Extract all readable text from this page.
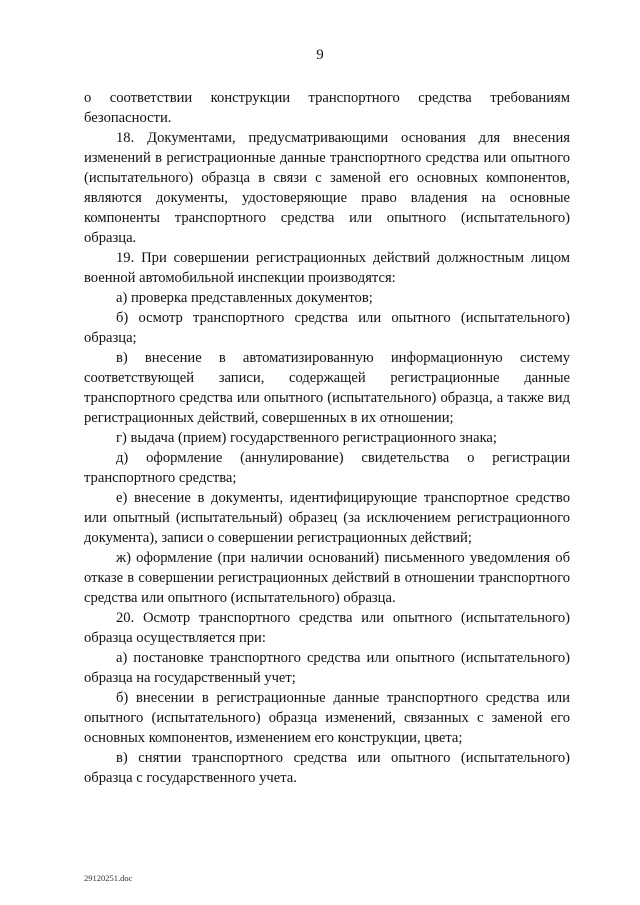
9

о соответствии конструкции транспортного средства требованиям безопасности.

18. Документами, предусматривающими основания для внесения изменений в регистрационные данные транспортного средства или опытного (испытательного) образца в связи с заменой его основных компонентов, являются документы, удостоверяющие право владения на основные компоненты транспортного средства или опытного (испытательного) образца.

19. При совершении регистрационных действий должностным лицом военной автомобильной инспекции производятся:

а) проверка представленных документов;

б) осмотр транспортного средства или опытного (испытательного) образца;

в) внесение в автоматизированную информационную систему соответствующей записи, содержащей регистрационные данные транспортного средства или опытного (испытательного) образца, а также вид регистрационных действий, совершенных в их отношении;

г) выдача (прием) государственного регистрационного знака;

д) оформление (аннулирование) свидетельства о регистрации транспортного средства;

е) внесение в документы, идентифицирующие транспортное средство или опытный (испытательный) образец (за исключением регистрационного документа), записи о совершении регистрационных действий;

ж) оформление (при наличии оснований) письменного уведомления об отказе в совершении регистрационных действий в отношении транспортного средства или опытного (испытательного) образца.

20. Осмотр транспортного средства или опытного (испытательного) образца осуществляется при:

а) постановке транспортного средства или опытного (испытательного) образца на государственный учет;

б) внесении в регистрационные данные транспортного средства или опытного (испытательного) образца изменений, связанных с заменой его основных компонентов, изменением его конструкции, цвета;

в) снятии транспортного средства или опытного (испытательного) образца с государственного учета.

29120251.doc
